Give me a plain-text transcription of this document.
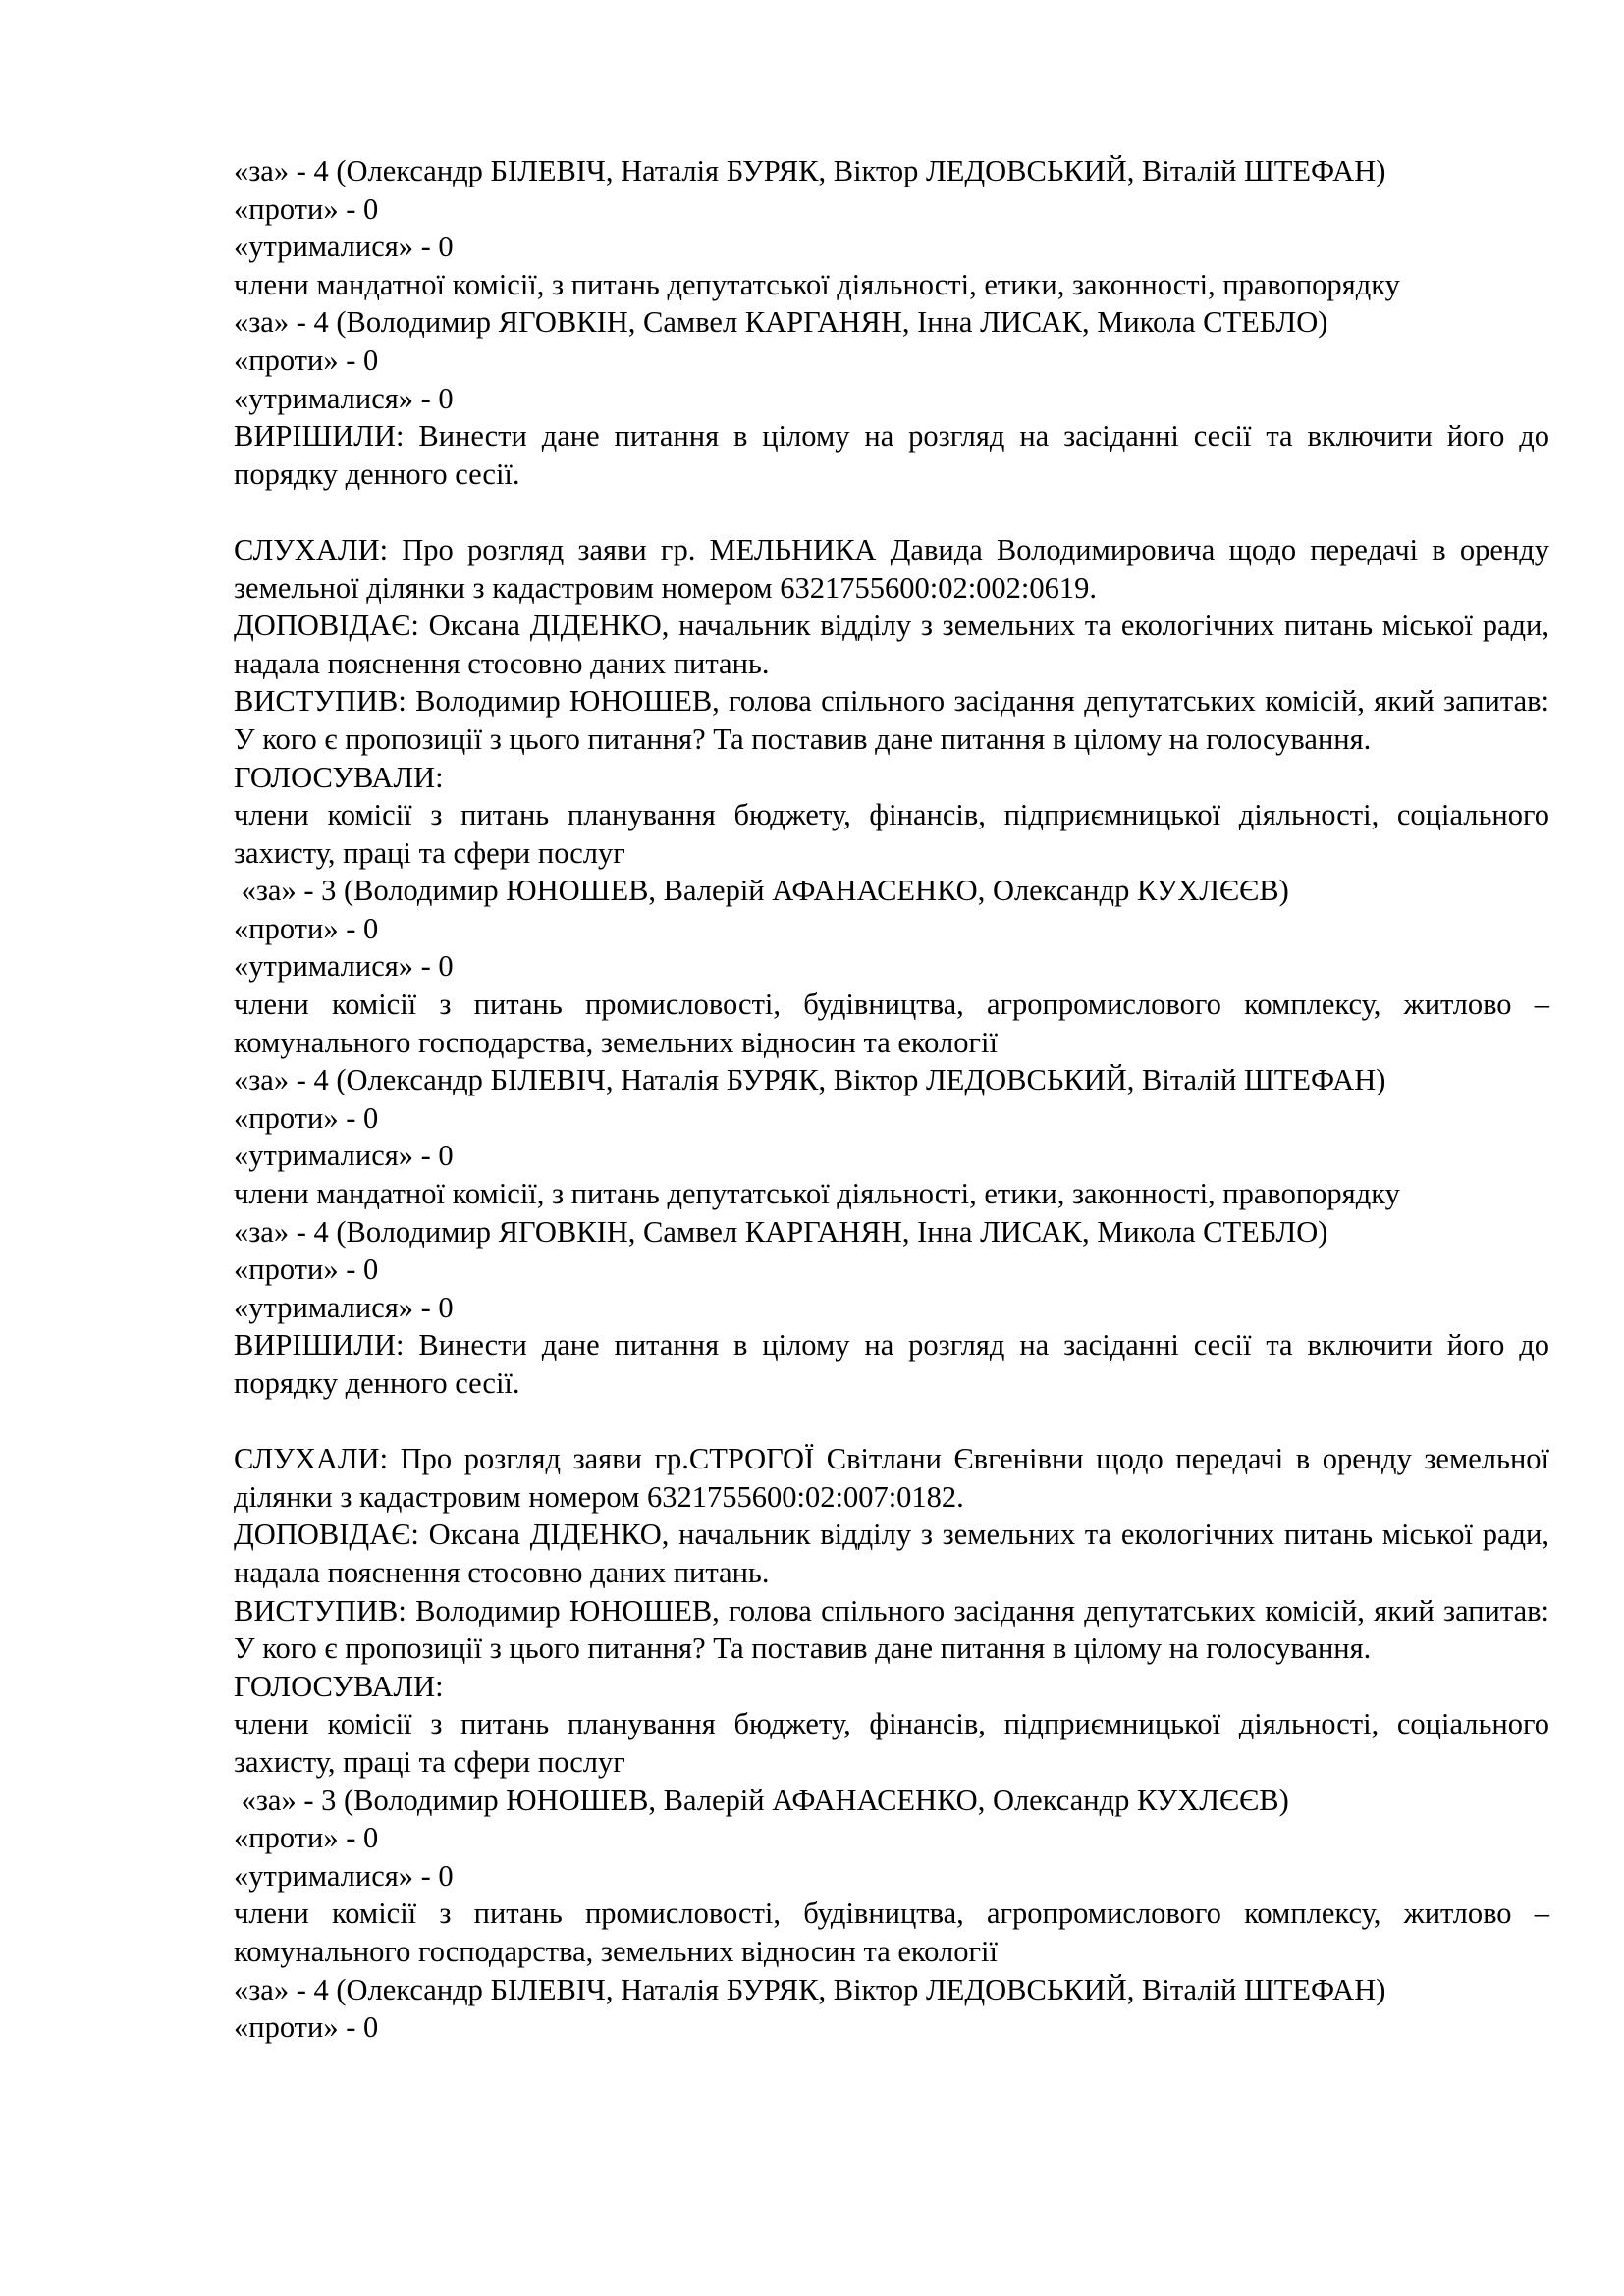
«за» - 4 (Олександр БІЛЕВІЧ, Наталія БУРЯК, Віктор ЛЕДОВСЬКИЙ, Віталій ШТЕФАН)

«проти» - 0

«утрималися» - 0

члени мандатної комісії, з питань депутатської діяльності, етики, законності, правопорядку

«за» - 4 (Володимир ЯГОВКІН, Самвел КАРГАНЯН, Інна ЛИСАК, Микола СТЕБЛО)

«проти» - 0

«утрималися» - 0

ВИРІШИЛИ: Винести дане питання в цілому на розгляд на засіданні сесії та включити його до порядку денного сесії.

СЛУХАЛИ: Про розгляд заяви гр. МЕЛЬНИКА Давида Володимировича щодо передачі в оренду земельної ділянки з кадастровим номером 6321755600:02:002:0619.

ДОПОВІДАЄ: Оксана ДІДЕНКО, начальник відділу з земельних та екологічних питань міської ради, надала пояснення стосовно даних питань.

ВИСТУПИВ: Володимир ЮНОШЕВ, голова спільного засідання депутатських комісій, який запитав: У кого є пропозиції з цього питання? Та поставив дане питання в цілому на голосування.

ГОЛОСУВАЛИ:

члени комісії з питань планування бюджету, фінансів, підприємницької діяльності, соціального захисту, праці та сфери послуг

«за» - 3 (Володимир ЮНОШЕВ, Валерій АФАНАСЕНКО, Олександр КУХЛЄЄВ)

«проти» - 0

«утрималися» - 0

члени комісії з питань промисловості, будівництва, агропромислового комплексу, житлово – комунального господарства, земельних відносин та екології

«за» - 4 (Олександр БІЛЕВІЧ, Наталія БУРЯК, Віктор ЛЕДОВСЬКИЙ, Віталій ШТЕФАН)

«проти» - 0

«утрималися» - 0

члени мандатної комісії, з питань депутатської діяльності, етики, законності, правопорядку

«за» - 4 (Володимир ЯГОВКІН, Самвел КАРГАНЯН, Інна ЛИСАК, Микола СТЕБЛО)

«проти» - 0

«утрималися» - 0

ВИРІШИЛИ: Винести дане питання в цілому на розгляд на засіданні сесії та включити його до порядку денного сесії.

СЛУХАЛИ: Про розгляд заяви гр.СТРОГОЇ Світлани Євгенівни щодо передачі в оренду земельної ділянки з кадастровим номером 6321755600:02:007:0182.

ДОПОВІДАЄ: Оксана ДІДЕНКО, начальник відділу з земельних та екологічних питань міської ради, надала пояснення стосовно даних питань.

ВИСТУПИВ: Володимир ЮНОШЕВ, голова спільного засідання депутатських комісій, який запитав: У кого є пропозиції з цього питання? Та поставив дане питання в цілому на голосування.

ГОЛОСУВАЛИ:

члени комісії з питань планування бюджету, фінансів, підприємницької діяльності, соціального захисту, праці та сфери послуг

«за» - 3 (Володимир ЮНОШЕВ, Валерій АФАНАСЕНКО, Олександр КУХЛЄЄВ)

«проти» - 0

«утрималися» - 0

члени комісії з питань промисловості, будівництва, агропромислового комплексу, житлово – комунального господарства, земельних відносин та екології

«за» - 4 (Олександр БІЛЕВІЧ, Наталія БУРЯК, Віктор ЛЕДОВСЬКИЙ, Віталій ШТЕФАН)

«проти» - 0
